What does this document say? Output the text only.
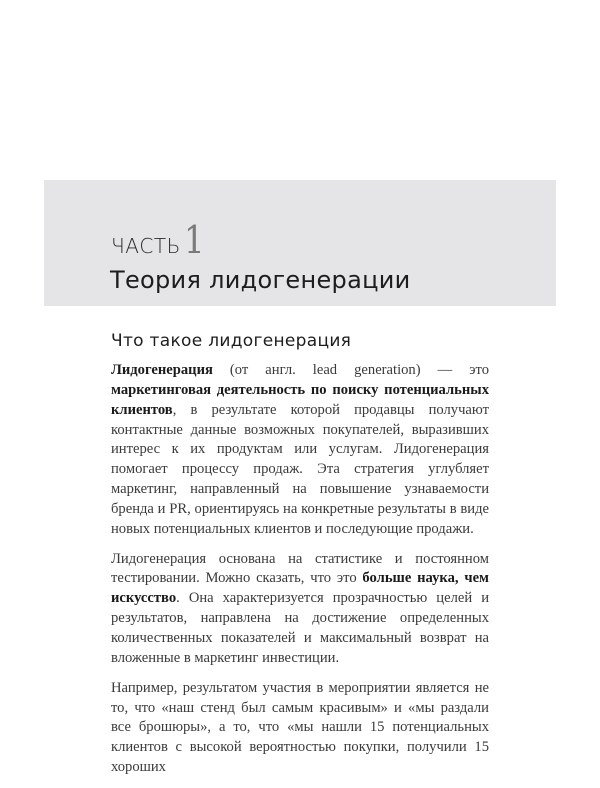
ЧАСТЬ 1
Теория лидогенерации
Что такое лидогенерация

Лидогенерация (от англ. lead generation) — это маркетинговая деятельность по поиску потенциальных клиентов, в результате которой продавцы получают контактные данные возможных покупателей, выразивших интерес к их продуктам или услугам. Лидогенерация помогает процессу продаж. Эта стратегия углубляет маркетинг, направленный на повышение узнаваемости бренда и PR, ориентируясь на конкретные результаты в виде новых потенциальных клиентов и последующие продажи.

Лидогенерация основана на статистике и постоянном тестировании. Можно сказать, что это больше наука, чем искусство. Она характеризуется прозрачностью целей и результатов, направлена на достижение определенных количественных показателей и максимальный возврат на вложенные в маркетинг инвестиции.

Например, результатом участия в мероприятии является не то, что «наш стенд был самым красивым» и «мы раздали все брошюры», а то, что «мы нашли 15 потенциальных клиентов с высокой вероятностью покупки, получили 15 хороших
